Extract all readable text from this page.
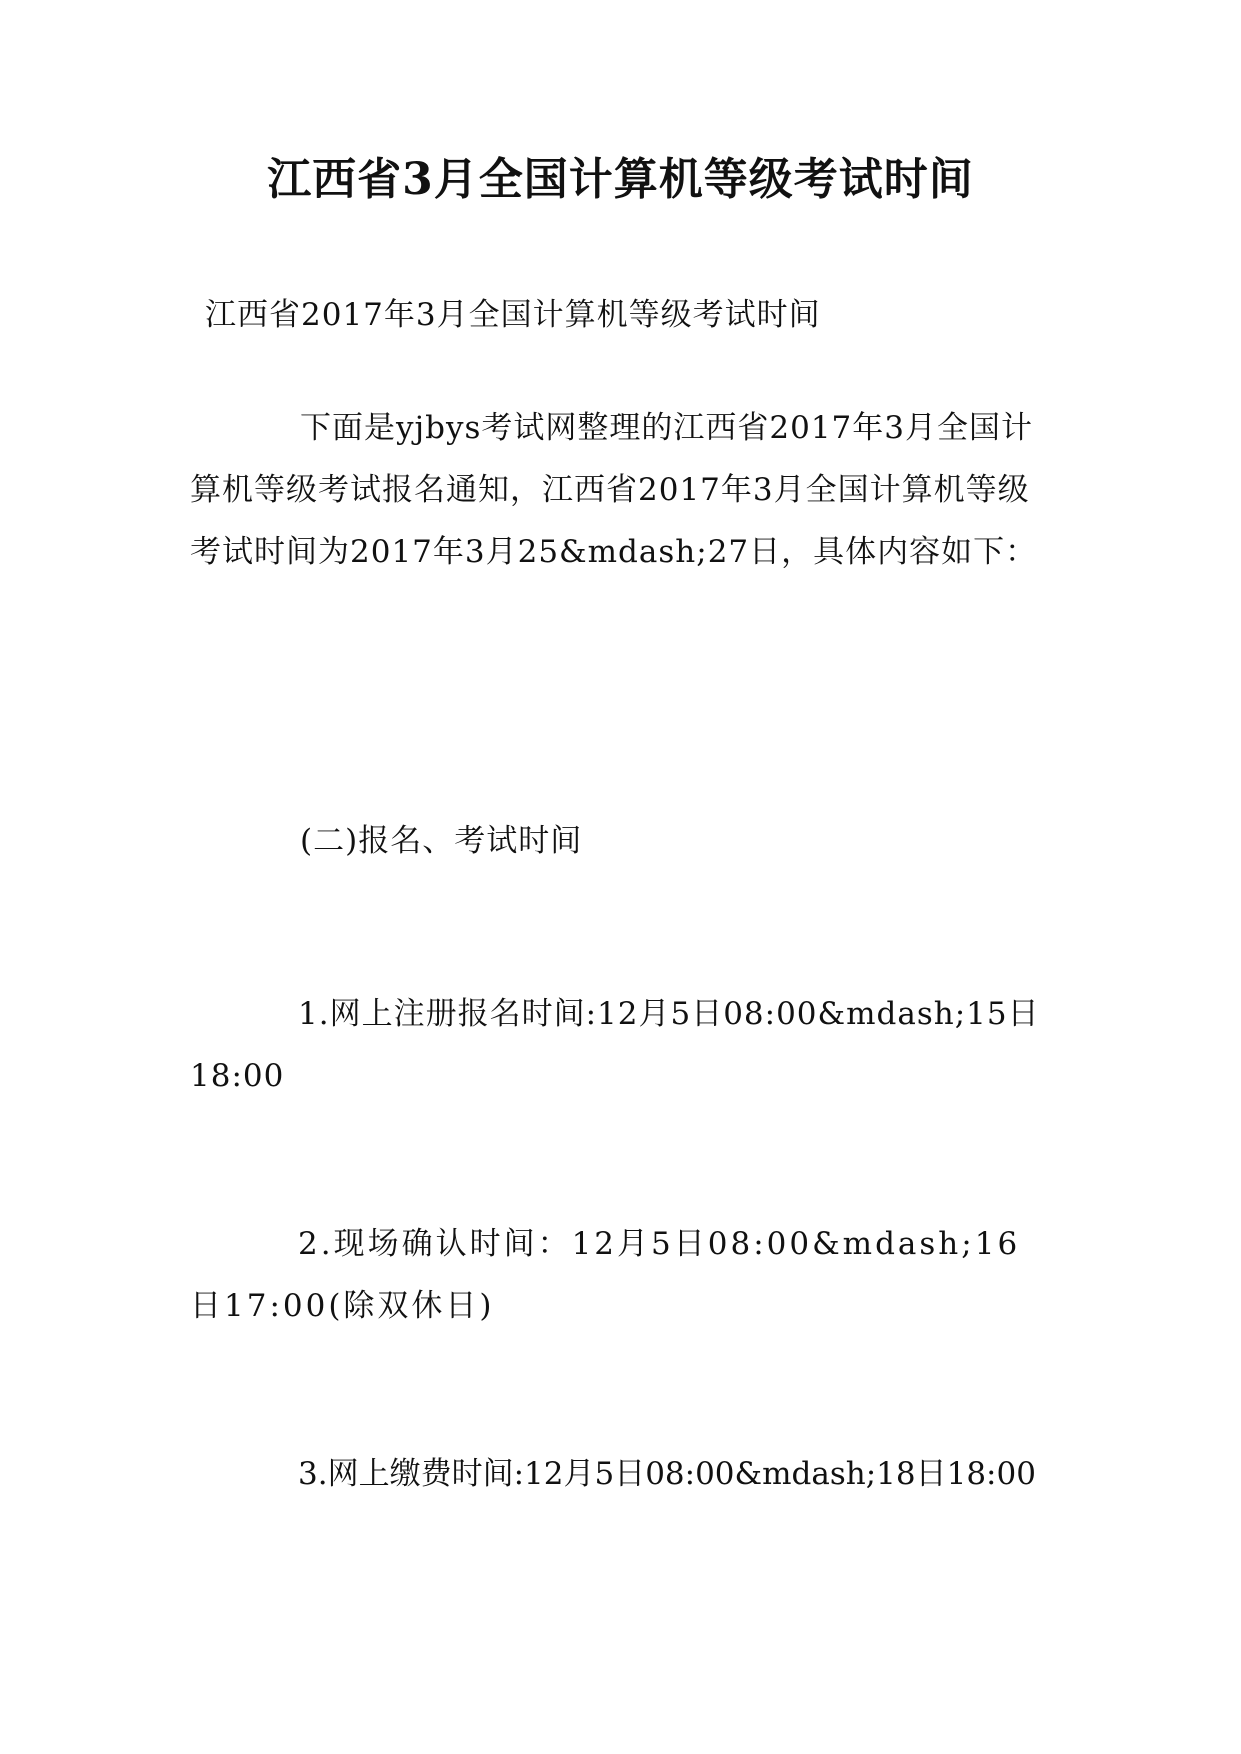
江西省3月全国计算机等级考试时间

江西省2017年3月全国计算机等级考试时间

下面是yjbys考试网整理的江西省2017年3月全国计算机等级考试报名通知，江西省2017年3月全国计算机等级考试时间为2017年3月25&mdash;27日，具体内容如下：

(二)报名、考试时间

1.网上注册报名时间:12月5日08:00&mdash;15日18:00

2.现场确认时间：12月5日08:00&mdash;16日17:00(除双休日)

3.网上缴费时间:12月5日08:00&mdash;18日18:00
